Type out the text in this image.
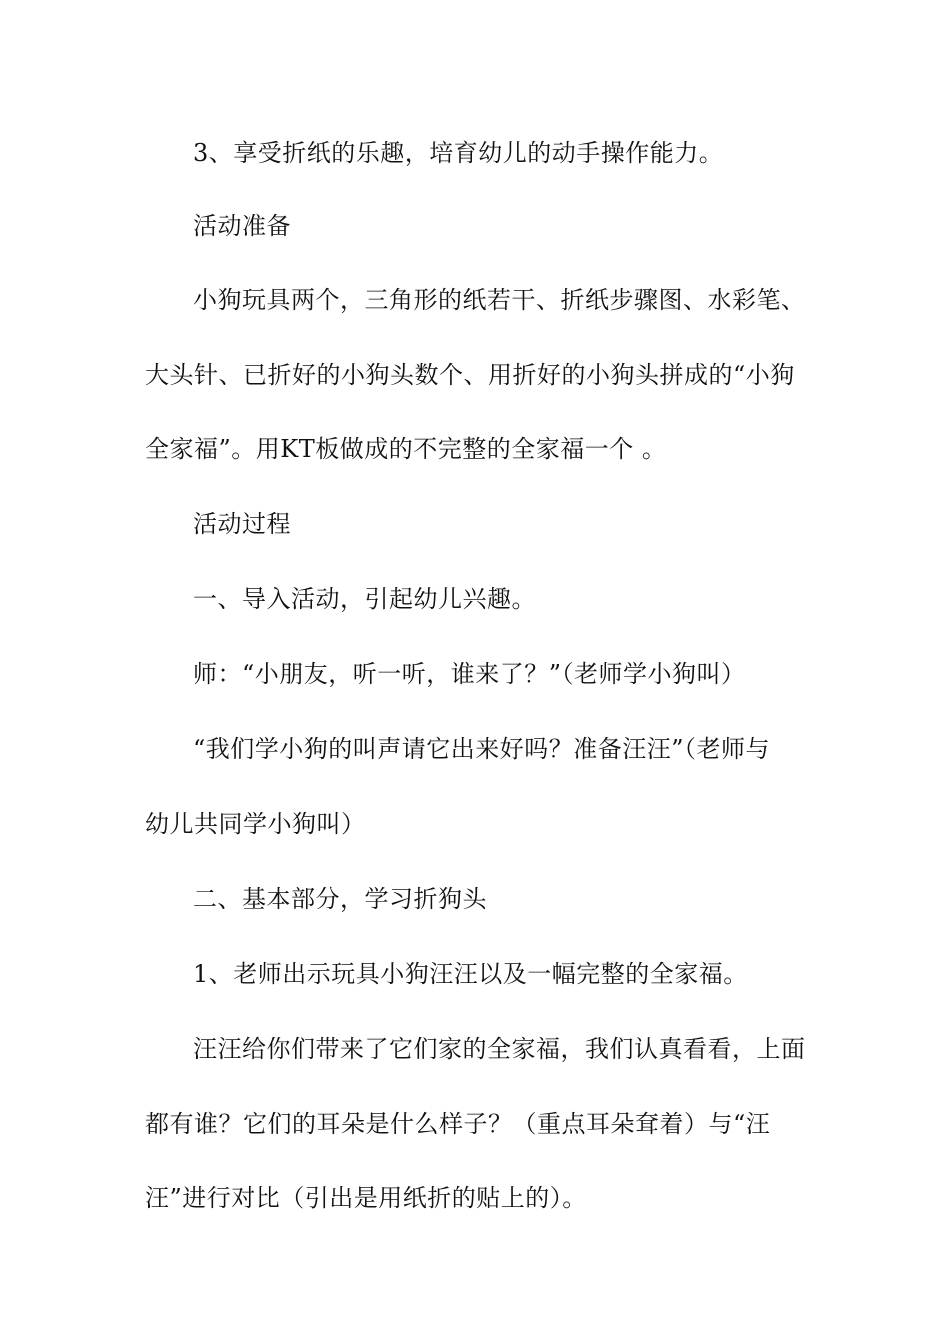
3、享受折纸的乐趣，培育幼儿的动手操作能力。
活动准备
小狗玩具两个，三角形的纸若干、折纸步骤图、水彩笔、
大头针、已折好的小狗头数个、用折好的小狗头拼成的“小狗
全家福”。用KT板做成的不完整的全家福一个 。
活动过程
一、导入活动，引起幼儿兴趣。
师：“小朋友，听一听，谁来了？”（老师学小狗叫）
“我们学小狗的叫声请它出来好吗？准备汪汪”（老师与
幼儿共同学小狗叫）
二、基本部分，学习折狗头
1、老师出示玩具小狗汪汪以及一幅完整的全家福。
汪汪给你们带来了它们家的全家福，我们认真看看，上面
都有谁？它们的耳朵是什么样子？（重点耳朵耷着）与“汪
汪”进行对比（引出是用纸折的贴上的）。
